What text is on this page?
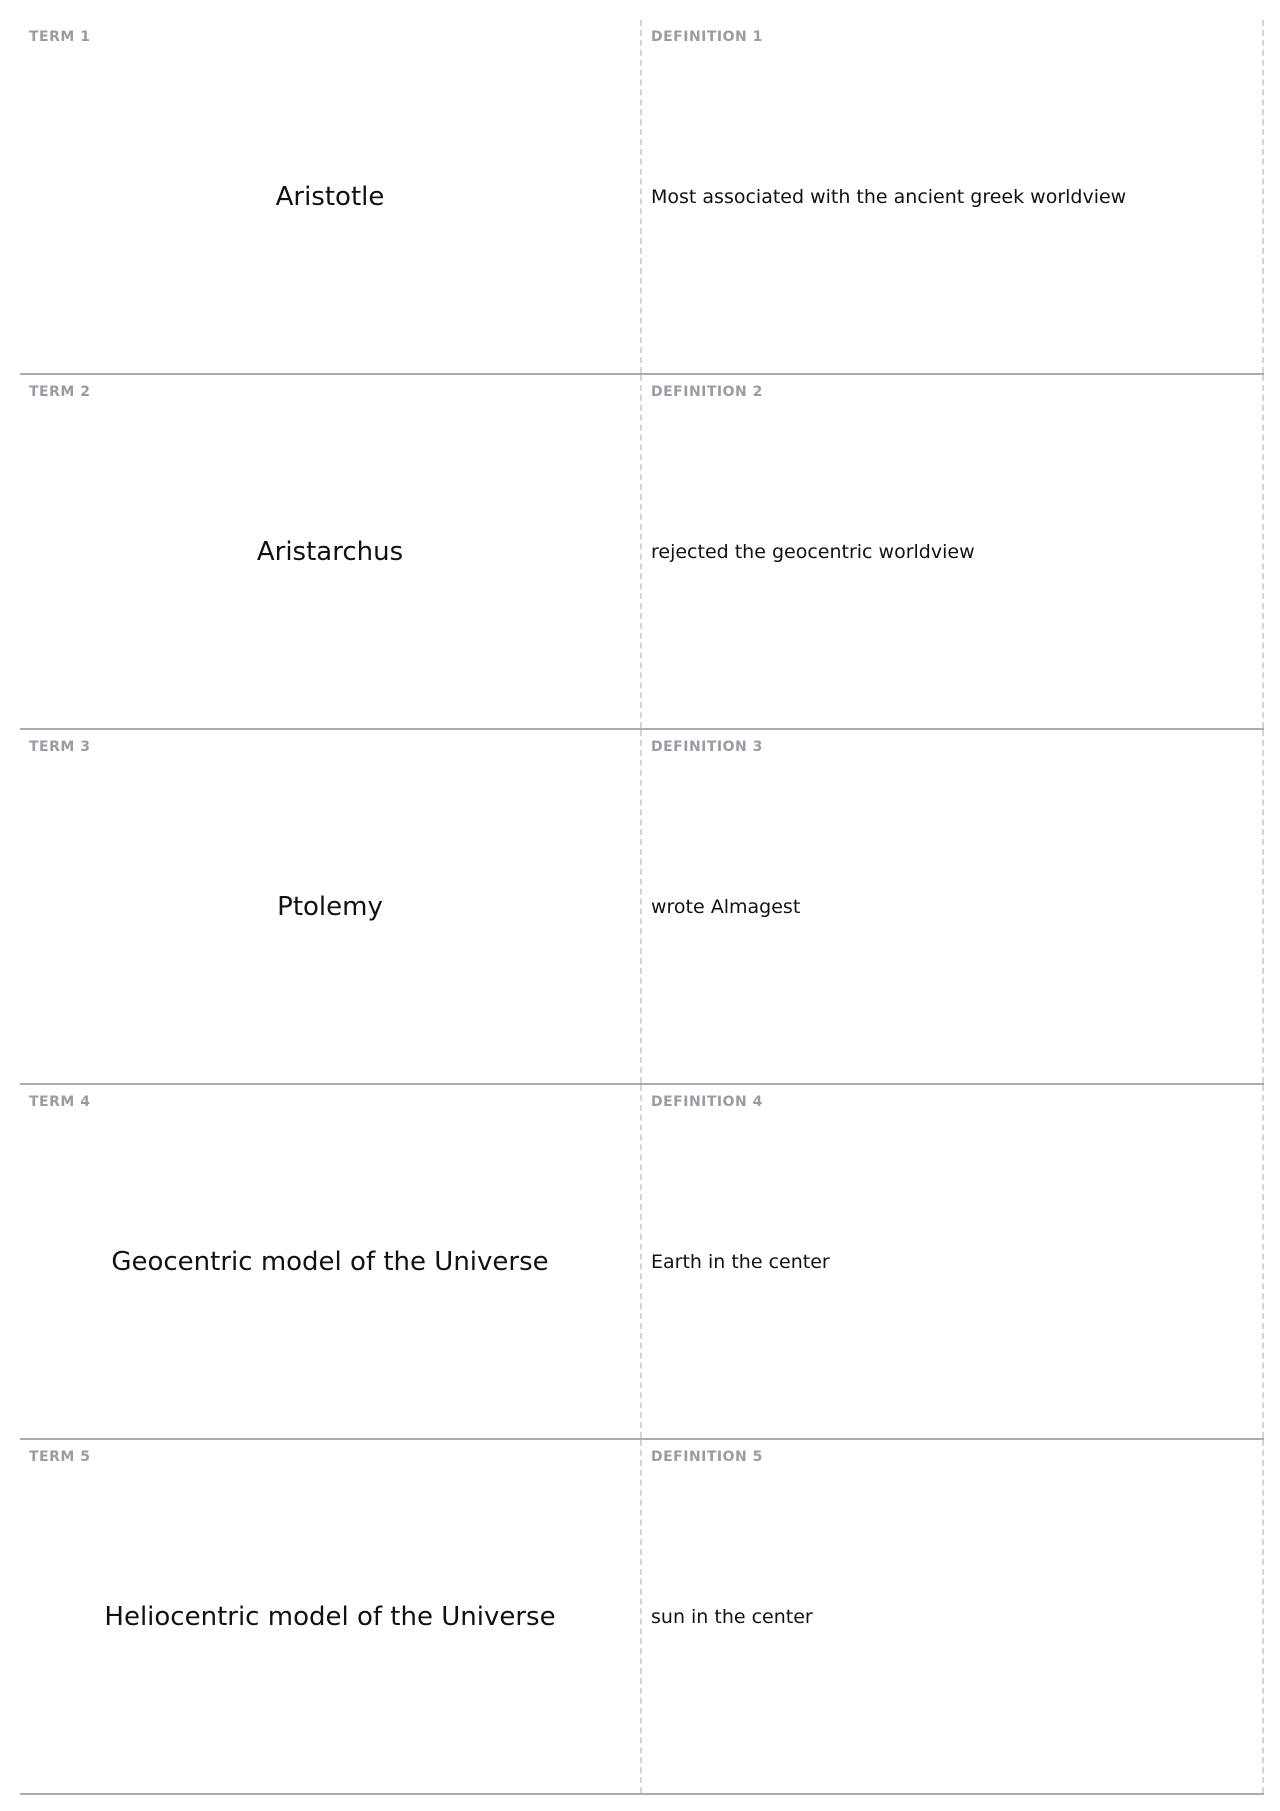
TERM 1
Aristotle
DEFINITION 1
Most associated with the ancient greek worldview
TERM 2
Aristarchus
DEFINITION 2
rejected the geocentric worldview
TERM 3
Ptolemy
DEFINITION 3
wrote Almagest
TERM 4
Geocentric model of the Universe
DEFINITION 4
Earth in the center
TERM 5
Heliocentric model of the Universe
DEFINITION 5
sun in the center
